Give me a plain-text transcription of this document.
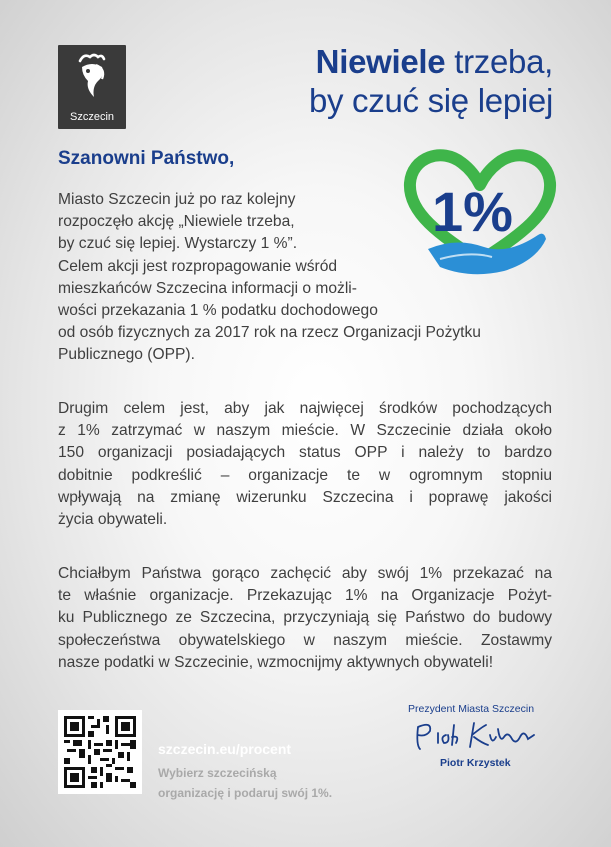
Szczecin
Niewiele trzeba,
by czuć się lepiej
Szanowni Państwo,
1%
Miasto Szczecin już po raz kolejny
rozpoczęło akcję „Niewiele trzeba,
by czuć się lepiej. Wystarczy 1 %”.
Celem akcji jest rozpropagowanie wśród
mieszkańców Szczecina informacji o możli-
wości przekazania 1 % podatku dochodowego
od osób fizycznych za 2017 rok na rzecz Organizacji Pożytku
Publicznego (OPP).
Drugim celem jest, aby jak najwięcej środków pochodzących
z 1% zatrzymać w naszym mieście. W Szczecinie działa około
150 organizacji posiadających status OPP i należy to bardzo
dobitnie podkreślić – organizacje te w ogromnym stopniu
wpływają na zmianę wizerunku Szczecina i poprawę jakości
życia obywateli.
Chciałbym Państwa gorąco zachęcić aby swój 1% przekazać na
te właśnie organizacje. Przekazując 1% na Organizacje Pożyt-
ku Publicznego ze Szczecina, przyczyniają się Państwo do budowy
społeczeństwa obywatelskiego w naszym mieście. Zostawmy
nasze podatki w Szczecinie, wzmocnijmy aktywnych obywateli!
Prezydent Miasta Szczecin
Piotr Krzystek
szczecin.eu/procent
Wybierz szczecińską
organizację i podaruj swój 1%.
